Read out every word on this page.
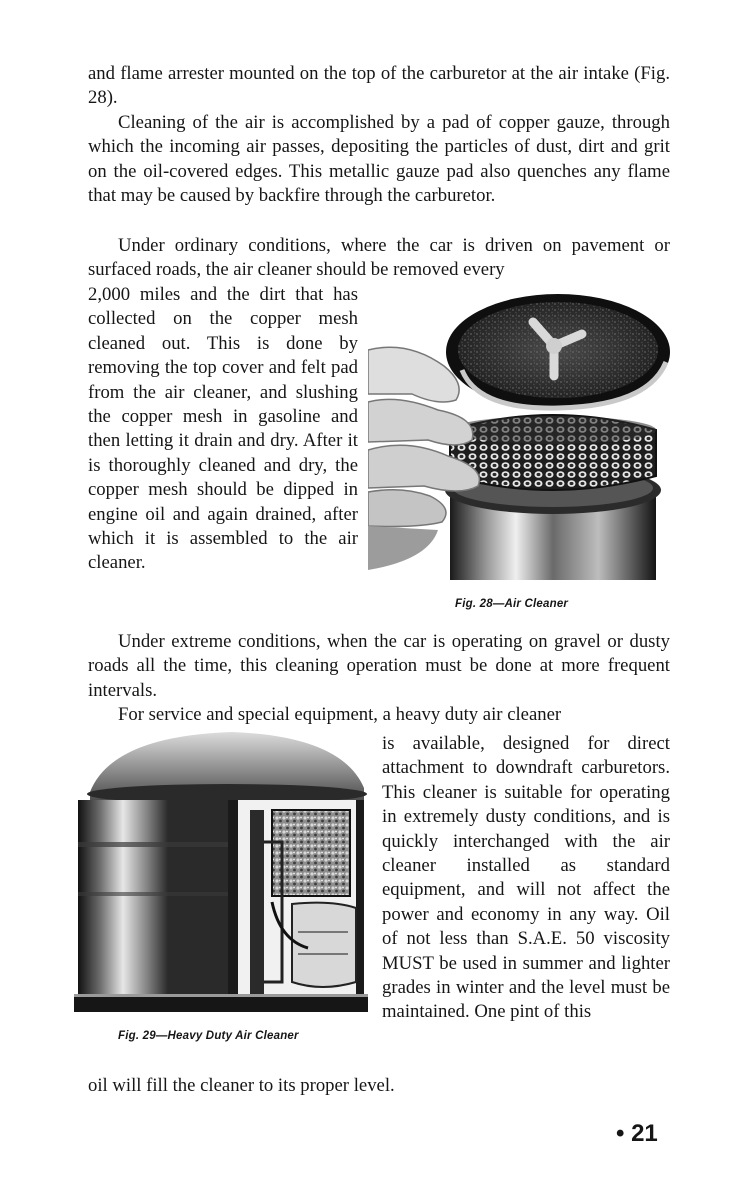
and flame arrester mounted on the top of the carburetor at the air intake (Fig. 28).

Cleaning of the air is accomplished by a pad of copper gauze, through which the incoming air passes, depositing the particles of dust, dirt and grit on the oil-covered edges. This metallic gauze pad also quenches any flame that may be caused by backfire through the carburetor.

Under ordinary conditions, where the car is driven on pavement or surfaced roads, the air cleaner should be removed every

2,000 miles and the dirt that has collected on the copper mesh cleaned out. This is done by removing the top cover and felt pad from the air cleaner, and slushing the copper mesh in gasoline and then letting it drain and dry. After it is thoroughly cleaned and dry, the copper mesh should be dipped in engine oil and again drained, after which it is assembled to the air cleaner.

Fig. 28—Air Cleaner

Under extreme conditions, when the car is operating on gravel or dusty roads all the time, this cleaning operation must be done at more frequent intervals.

For service and special equipment, a heavy duty air cleaner

Fig. 29—Heavy Duty Air Cleaner

is available, designed for direct attachment to downdraft carburetors. This cleaner is suitable for operating in extremely dusty conditions, and is quickly interchanged with the air cleaner installed as standard equipment, and will not affect the power and economy in any way. Oil of not less than S.A.E. 50 viscosity MUST be used in summer and lighter grades in winter and the level must be maintained. One pint of this

oil will fill the cleaner to its proper level.

• 21
